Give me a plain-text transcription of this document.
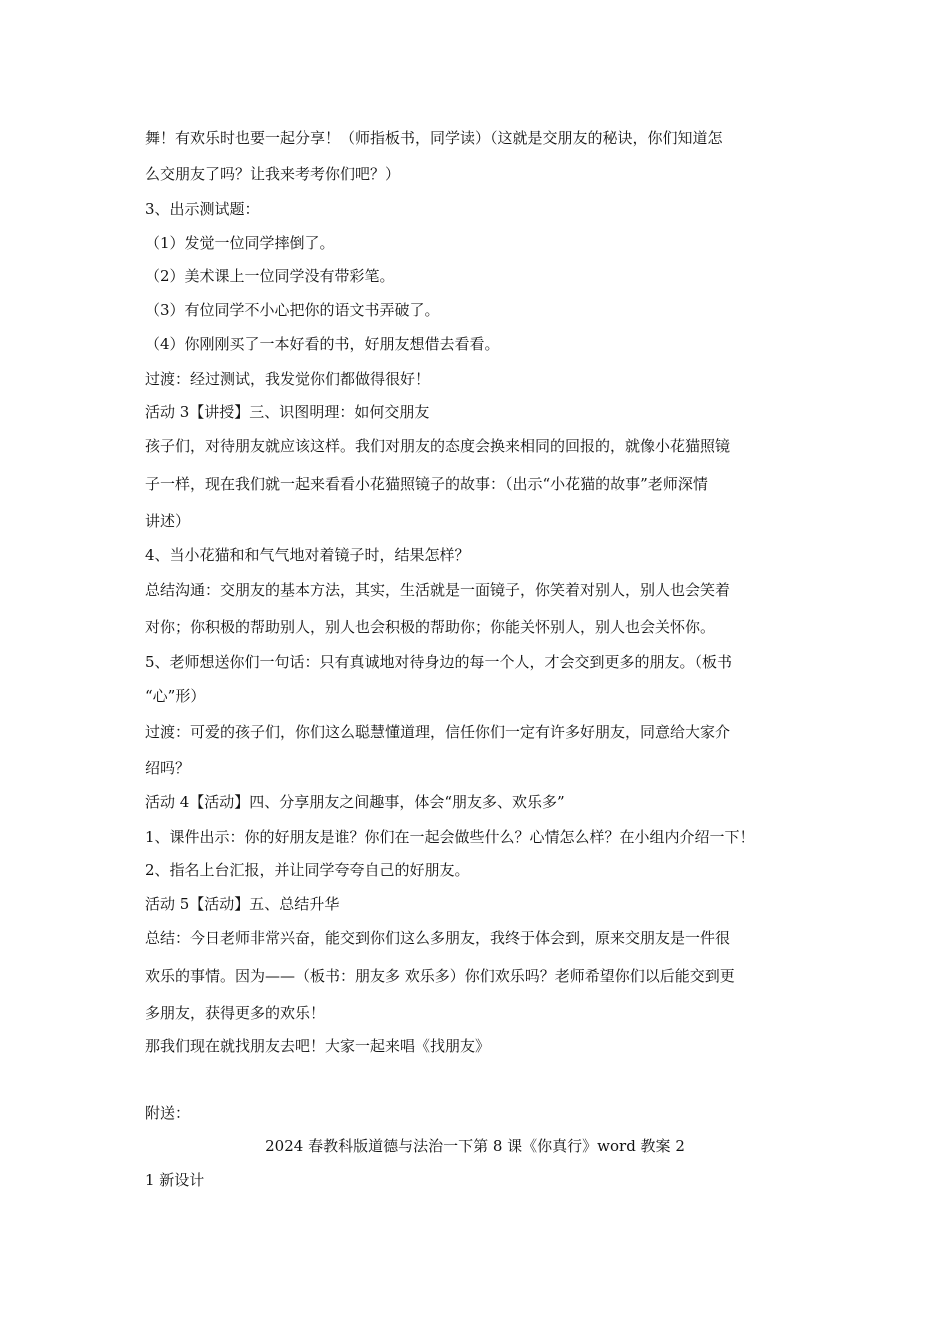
舞！有欢乐时也要一起分享！（师指板书，同学读）（这就是交朋友的秘诀，你们知道怎
么交朋友了吗？让我来考考你们吧？）
3、出示测试题：
（1）发觉一位同学摔倒了。
（2）美术课上一位同学没有带彩笔。
（3）有位同学不小心把你的语文书弄破了。
（4）你刚刚买了一本好看的书，好朋友想借去看看。
过渡：经过测试，我发觉你们都做得很好！
活动 3【讲授】三、识图明理：如何交朋友
孩子们，对待朋友就应该这样。我们对朋友的态度会换来相同的回报的，就像小花猫照镜
子一样，现在我们就一起来看看小花猫照镜子的故事：（出示“小花猫的故事”老师深情
讲述）
4、当小花猫和和气气地对着镜子时，结果怎样？
总结沟通：交朋友的基本方法，其实，生活就是一面镜子，你笑着对别人，别人也会笑着
对你；你积极的帮助别人，别人也会积极的帮助你；你能关怀别人，别人也会关怀你。
5、老师想送你们一句话：只有真诚地对待身边的每一个人，才会交到更多的朋友。（板书
“心”形）
过渡：可爱的孩子们，你们这么聪慧懂道理，信任你们一定有许多好朋友，同意给大家介
绍吗？
活动 4【活动】四、分享朋友之间趣事，体会“朋友多、欢乐多”
1、课件出示：你的好朋友是谁？你们在一起会做些什么？心情怎么样？在小组内介绍一下！
2、指名上台汇报，并让同学夸夸自己的好朋友。
活动 5【活动】五、总结升华
总结：今日老师非常兴奋，能交到你们这么多朋友，我终于体会到，原来交朋友是一件很
欢乐的事情。因为——（板书：朋友多 欢乐多）你们欢乐吗？老师希望你们以后能交到更
多朋友，获得更多的欢乐！
那我们现在就找朋友去吧！大家一起来唱《找朋友》
附送：
2024 春教科版道德与法治一下第 8 课《你真行》word 教案 2
1 新设计
